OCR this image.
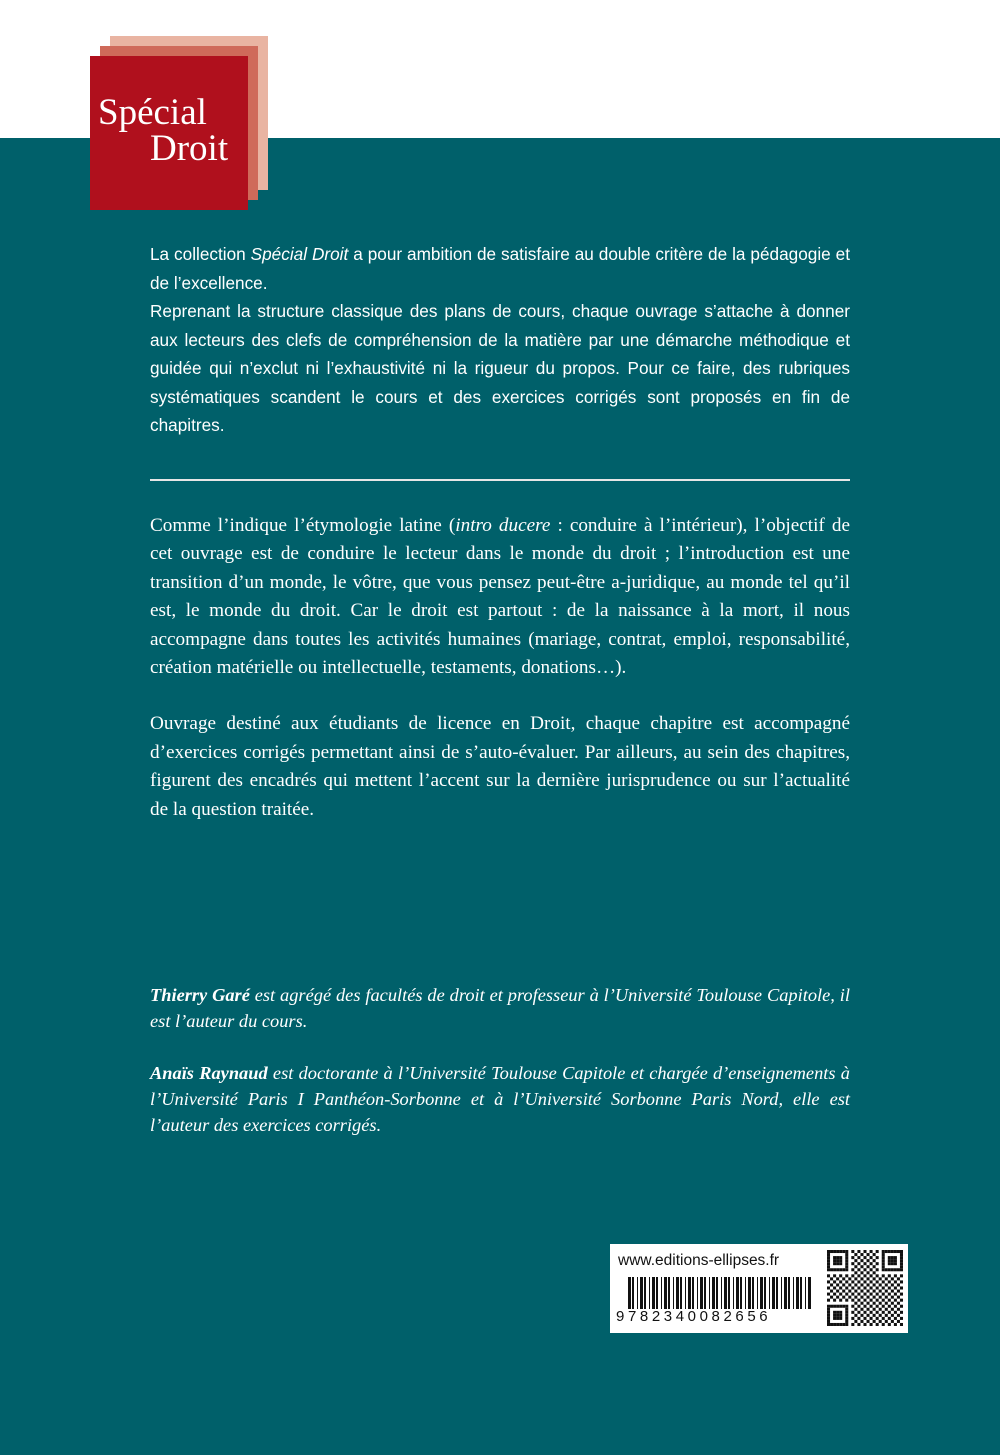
Spécial
Droit

La collection Spécial Droit a pour ambition de satisfaire au double critère de la pédagogie et de l’excellence.

Reprenant la structure classique des plans de cours, chaque ouvrage s’attache à donner aux lecteurs des clefs de compréhension de la matière par une démarche méthodique et guidée qui n’exclut ni l’exhaustivité ni la rigueur du propos. Pour ce faire, des rubriques systématiques scandent le cours et des exercices corrigés sont proposés en fin de chapitres.

Comme l’indique l’étymologie latine (intro ducere : conduire à l’intérieur), l’objectif de cet ouvrage est de conduire le lecteur dans le monde du droit ; l’introduction est une transition d’un monde, le vôtre, que vous pensez peut-être a-juridique, au monde tel qu’il est, le monde du droit. Car le droit est partout : de la naissance à la mort, il nous accompagne dans toutes les activités humaines (mariage, contrat, emploi, responsabilité, création matérielle ou intellectuelle, testaments, donations…).

Ouvrage destiné aux étudiants de licence en Droit, chaque chapitre est accompagné d’exercices corrigés permettant ainsi de s’auto-évaluer. Par ailleurs, au sein des chapitres, figurent des encadrés qui mettent l’accent sur la dernière jurisprudence ou sur l’actualité de la question traitée.

Thierry Garé est agrégé des facultés de droit et professeur à l’Université Toulouse Capitole, il est l’auteur du cours.

Anaïs Raynaud est doctorante à l’Université Toulouse Capitole et chargée d’enseignements à l’Université Paris I Panthéon-Sorbonne et à l’Université Sorbonne Paris Nord, elle est l’auteur des exercices corrigés.

www.editions-ellipses.fr
9782340082656
